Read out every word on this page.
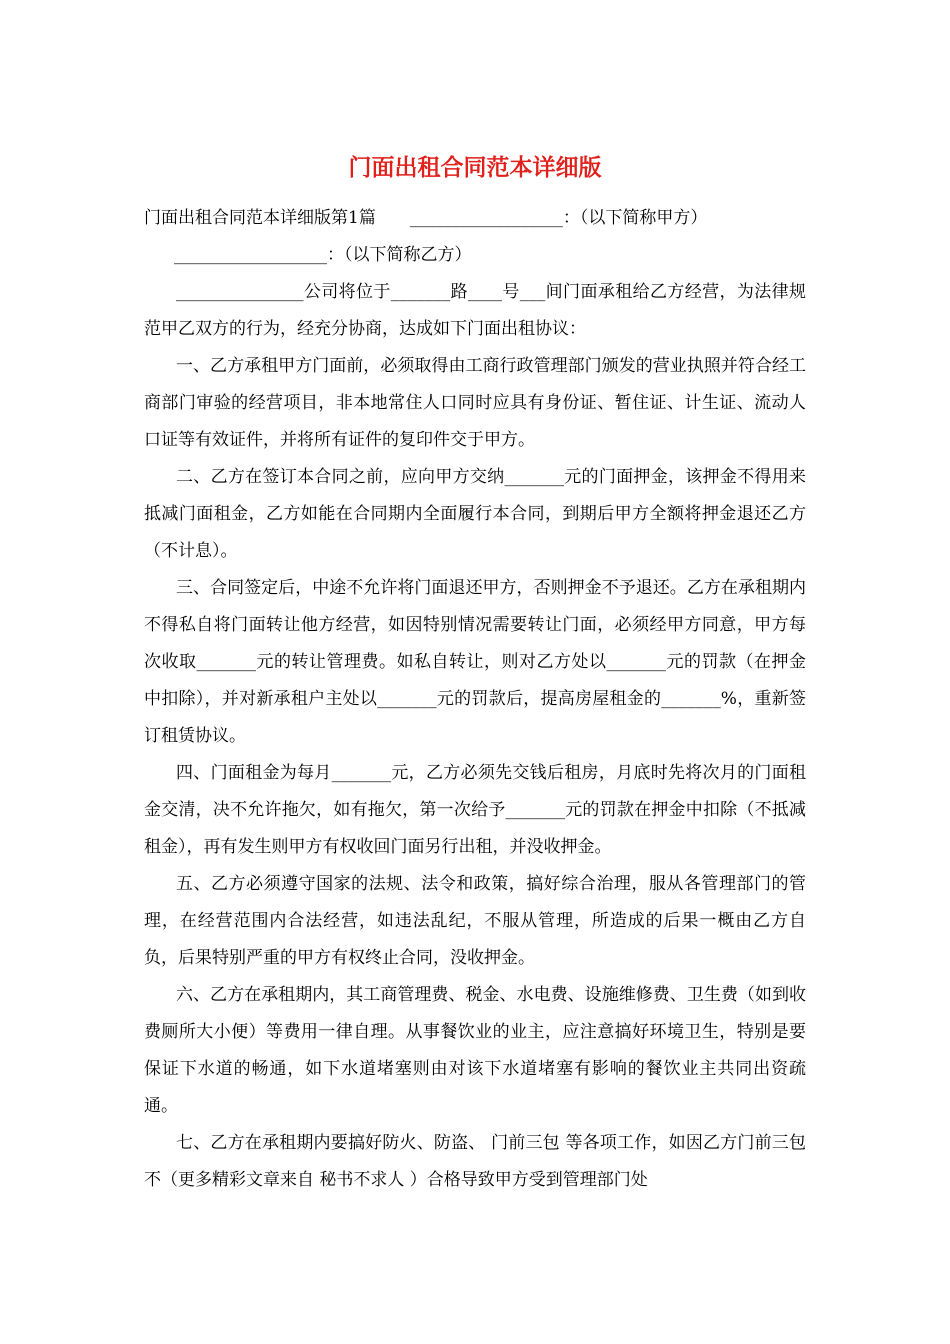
门面出租合同范本详细版

门面出租合同范本详细版第1篇　　__________________：（以下简称甲方）

__________________：（以下简称乙方）

_______________公司将位于_______路____号___间门面承租给乙方经营，为法律规范甲乙双方的行为，经充分协商，达成如下门面出租协议：

一、乙方承租甲方门面前，必须取得由工商行政管理部门颁发的营业执照并符合经工商部门审验的经营项目，非本地常住人口同时应具有身份证、暂住证、计生证、流动人口证等有效证件，并将所有证件的复印件交于甲方。

二、乙方在签订本合同之前，应向甲方交纳_______元的门面押金，该押金不得用来抵减门面租金，乙方如能在合同期内全面履行本合同，到期后甲方全额将押金退还乙方（不计息）。

三、合同签定后，中途不允许将门面退还甲方，否则押金不予退还。乙方在承租期内不得私自将门面转让他方经营，如因特别情况需要转让门面，必须经甲方同意，甲方每次收取_______元的转让管理费。如私自转让，则对乙方处以_______元的罚款（在押金中扣除），并对新承租户主处以_______元的罚款后，提高房屋租金的_______%，重新签订租赁协议。

四、门面租金为每月_______元，乙方必须先交钱后租房，月底时先将次月的门面租金交清，决不允许拖欠，如有拖欠，第一次给予_______元的罚款在押金中扣除（不抵减租金），再有发生则甲方有权收回门面另行出租，并没收押金。

五、乙方必须遵守国家的法规、法令和政策，搞好综合治理，服从各管理部门的管理，在经营范围内合法经营，如违法乱纪，不服从管理，所造成的后果一概由乙方自负，后果特别严重的甲方有权终止合同，没收押金。

六、乙方在承租期内，其工商管理费、税金、水电费、设施维修费、卫生费（如到收费厕所大小便）等费用一律自理。从事餐饮业的业主，应注意搞好环境卫生，特别是要保证下水道的畅通，如下水道堵塞则由对该下水道堵塞有影响的餐饮业主共同出资疏通。

七、乙方在承租期内要搞好防火、防盗、 门前三包 等各项工作，如因乙方门前三包 不（更多精彩文章来自 秘书不求人 ）合格导致甲方受到管理部门处
